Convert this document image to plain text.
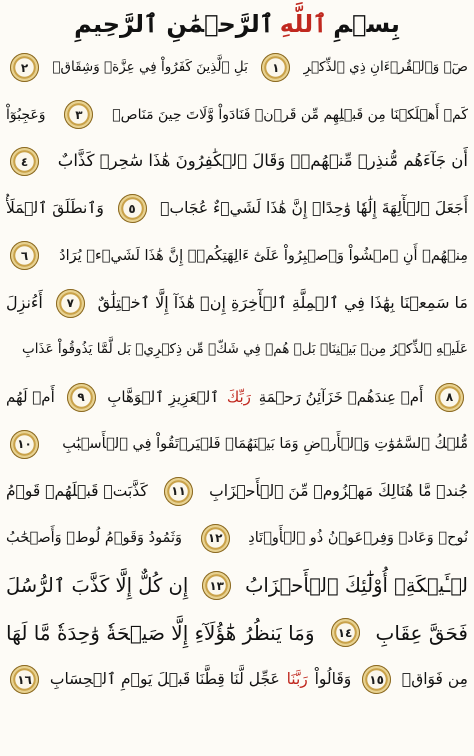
بِسۡمِ
ٱللَّهِ
ٱلرَّحۡمَٰنِ ٱلرَّحِيمِ
صٓۚ وَٱلۡقُرۡءَانِ ذِي ٱلذِّكۡرِ
١
بَلِ ٱلَّذِينَ كَفَرُواْ فِي عِزَّةٖ وَشِقَاقٖ
٢
كَمۡ أَهۡلَكۡنَا مِن قَبۡلِهِم مِّن قَرۡنٖ فَنَادَواْ وَّلَاتَ حِينَ مَنَاصٖ
٣
وَعَجِبُوٓاْ
أَن جَآءَهُم مُّنذِرٞ مِّنۡهُمۡۖ وَقَالَ ٱلۡكَٰفِرُونَ هَٰذَا سَٰحِرٞ كَذَّابٌ
٤
أَجَعَلَ ٱلۡأٓلِهَةَ إِلَٰهٗا وَٰحِدًاۖ إِنَّ هَٰذَا لَشَيۡءٌ عُجَابٞ
٥
وَٱنطَلَقَ ٱلۡمَلَأُ
مِنۡهُمۡ أَنِ ٱمۡشُواْ وَٱصۡبِرُواْ عَلَىٰٓ ءَالِهَتِكُمۡۖ إِنَّ هَٰذَا لَشَيۡءٞ يُرَادُ
٦
مَا سَمِعۡنَا بِهَٰذَا فِي ٱلۡمِلَّةِ ٱلۡأٓخِرَةِ إِنۡ هَٰذَآ إِلَّا ٱخۡتِلَٰقٌ
٧
أَءُنزِلَ
عَلَيۡهِ ٱلذِّكۡرُ مِنۢ بَيۡنِنَاۚ بَلۡ هُمۡ فِي شَكّٖ مِّن ذِكۡرِيۚ بَل لَّمَّا يَذُوقُواْ عَذَابِ
٨
أَمۡ عِندَهُمۡ خَزَآئِنُ رَحۡمَةِ
رَبِّكَ
ٱلۡعَزِيزِ ٱلۡوَهَّابِ
٩
أَمۡ لَهُم
مُّلۡكُ ٱلسَّمَٰوَٰتِ وَٱلۡأَرۡضِ وَمَا بَيۡنَهُمَاۖ فَلۡيَرۡتَقُواْ فِي ٱلۡأَسۡبَٰبِ
١٠
جُندٞ مَّا هُنَالِكَ مَهۡزُومٞ مِّنَ ٱلۡأَحۡزَابِ
١١
كَذَّبَتۡ قَبۡلَهُمۡ قَوۡمُ
نُوحٖ وَعَادٞ وَفِرۡعَوۡنُ ذُو ٱلۡأَوۡتَادِ
١٢
وَثَمُودُ وَقَوۡمُ لُوطٖ وَأَصۡحَٰبُ
لۡـَٔيۡكَةِۚ أُوْلَٰٓئِكَ ٱلۡأَحۡزَابُ
١٣
إِن كُلٌّ إِلَّا كَذَّبَ ٱلرُّسُلَ
فَحَقَّ عِقَابِ
١٤
وَمَا يَنظُرُ هَٰٓؤُلَآءِ إِلَّا صَيۡحَةٗ وَٰحِدَةٗ مَّا لَهَا
مِن فَوَاقٖ
١٥
وَقَالُواْ
رَبَّنَا
عَجِّل لَّنَا قِطَّنَا قَبۡلَ يَوۡمِ ٱلۡحِسَابِ
١٦
